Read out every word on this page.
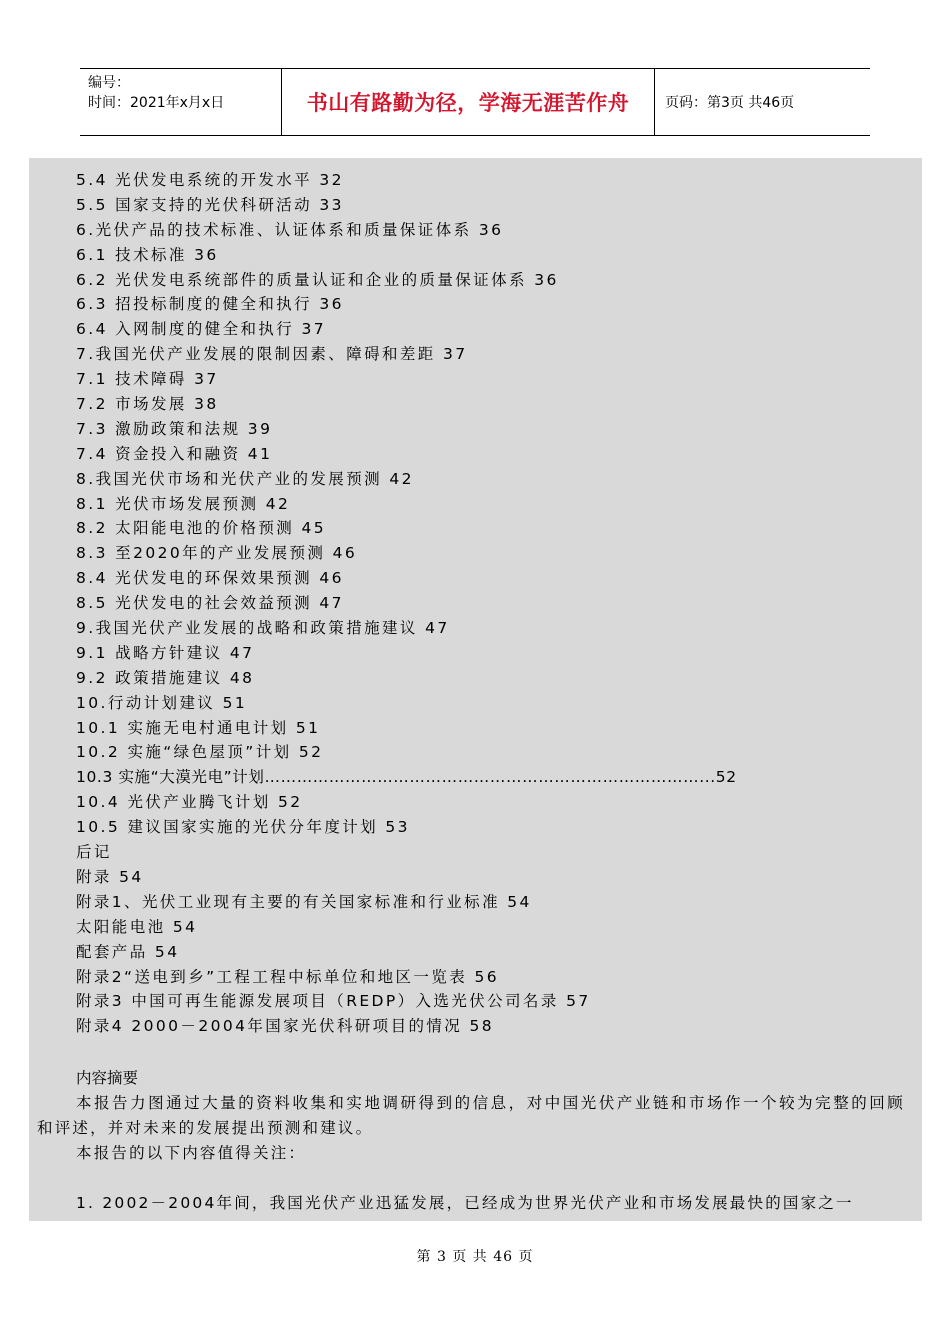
编号：
时间：2021年x月x日	书山有路勤为径，学海无涯苦作舟	页码：第3页 共46页
5.4 光伏发电系统的开发水平 32
5.5 国家支持的光伏科研活动 33
6.光伏产品的技术标准、认证体系和质量保证体系 36
6.1 技术标准 36
6.2 光伏发电系统部件的质量认证和企业的质量保证体系 36
6.3 招投标制度的健全和执行 36
6.4 入网制度的健全和执行 37
7.我国光伏产业发展的限制因素、障碍和差距 37
7.1 技术障碍 37
7.2 市场发展 38
7.3 激励政策和法规 39
7.4 资金投入和融资 41
8.我国光伏市场和光伏产业的发展预测 42
8.1 光伏市场发展预测 42
8.2 太阳能电池的价格预测 45
8.3 至2020年的产业发展预测 46
8.4 光伏发电的环保效果预测 46
8.5 光伏发电的社会效益预测 47
9.我国光伏产业发展的战略和政策措施建议 47
9.1 战略方针建议 47
9.2 政策措施建议 48
10.行动计划建议 51
10.1 实施无电村通电计划 51
10.2 实施“绿色屋顶”计划 52
10.3 实施“大漠光电”计划………………………………………………………………………...52
10.4 光伏产业腾飞计划 52
10.5 建议国家实施的光伏分年度计划 53
后记
附录 54
附录1、光伏工业现有主要的有关国家标准和行业标准 54
太阳能电池 54
配套产品 54
附录2“送电到乡”工程工程中标单位和地区一览表 56
附录3 中国可再生能源发展项目（REDP）入选光伏公司名录 57
附录4 2000－2004年国家光伏科研项目的情况 58

内容摘要

本报告力图通过大量的资料收集和实地调研得到的信息，对中国光伏产业链和市场作一个较为完整的回顾和评述，并对未来的发展提出预测和建议。

本报告的以下内容值得关注：

1. 2002－2004年间，我国光伏产业迅猛发展，已经成为世界光伏产业和市场发展最快的国家之一

第 3 页 共 46 页
